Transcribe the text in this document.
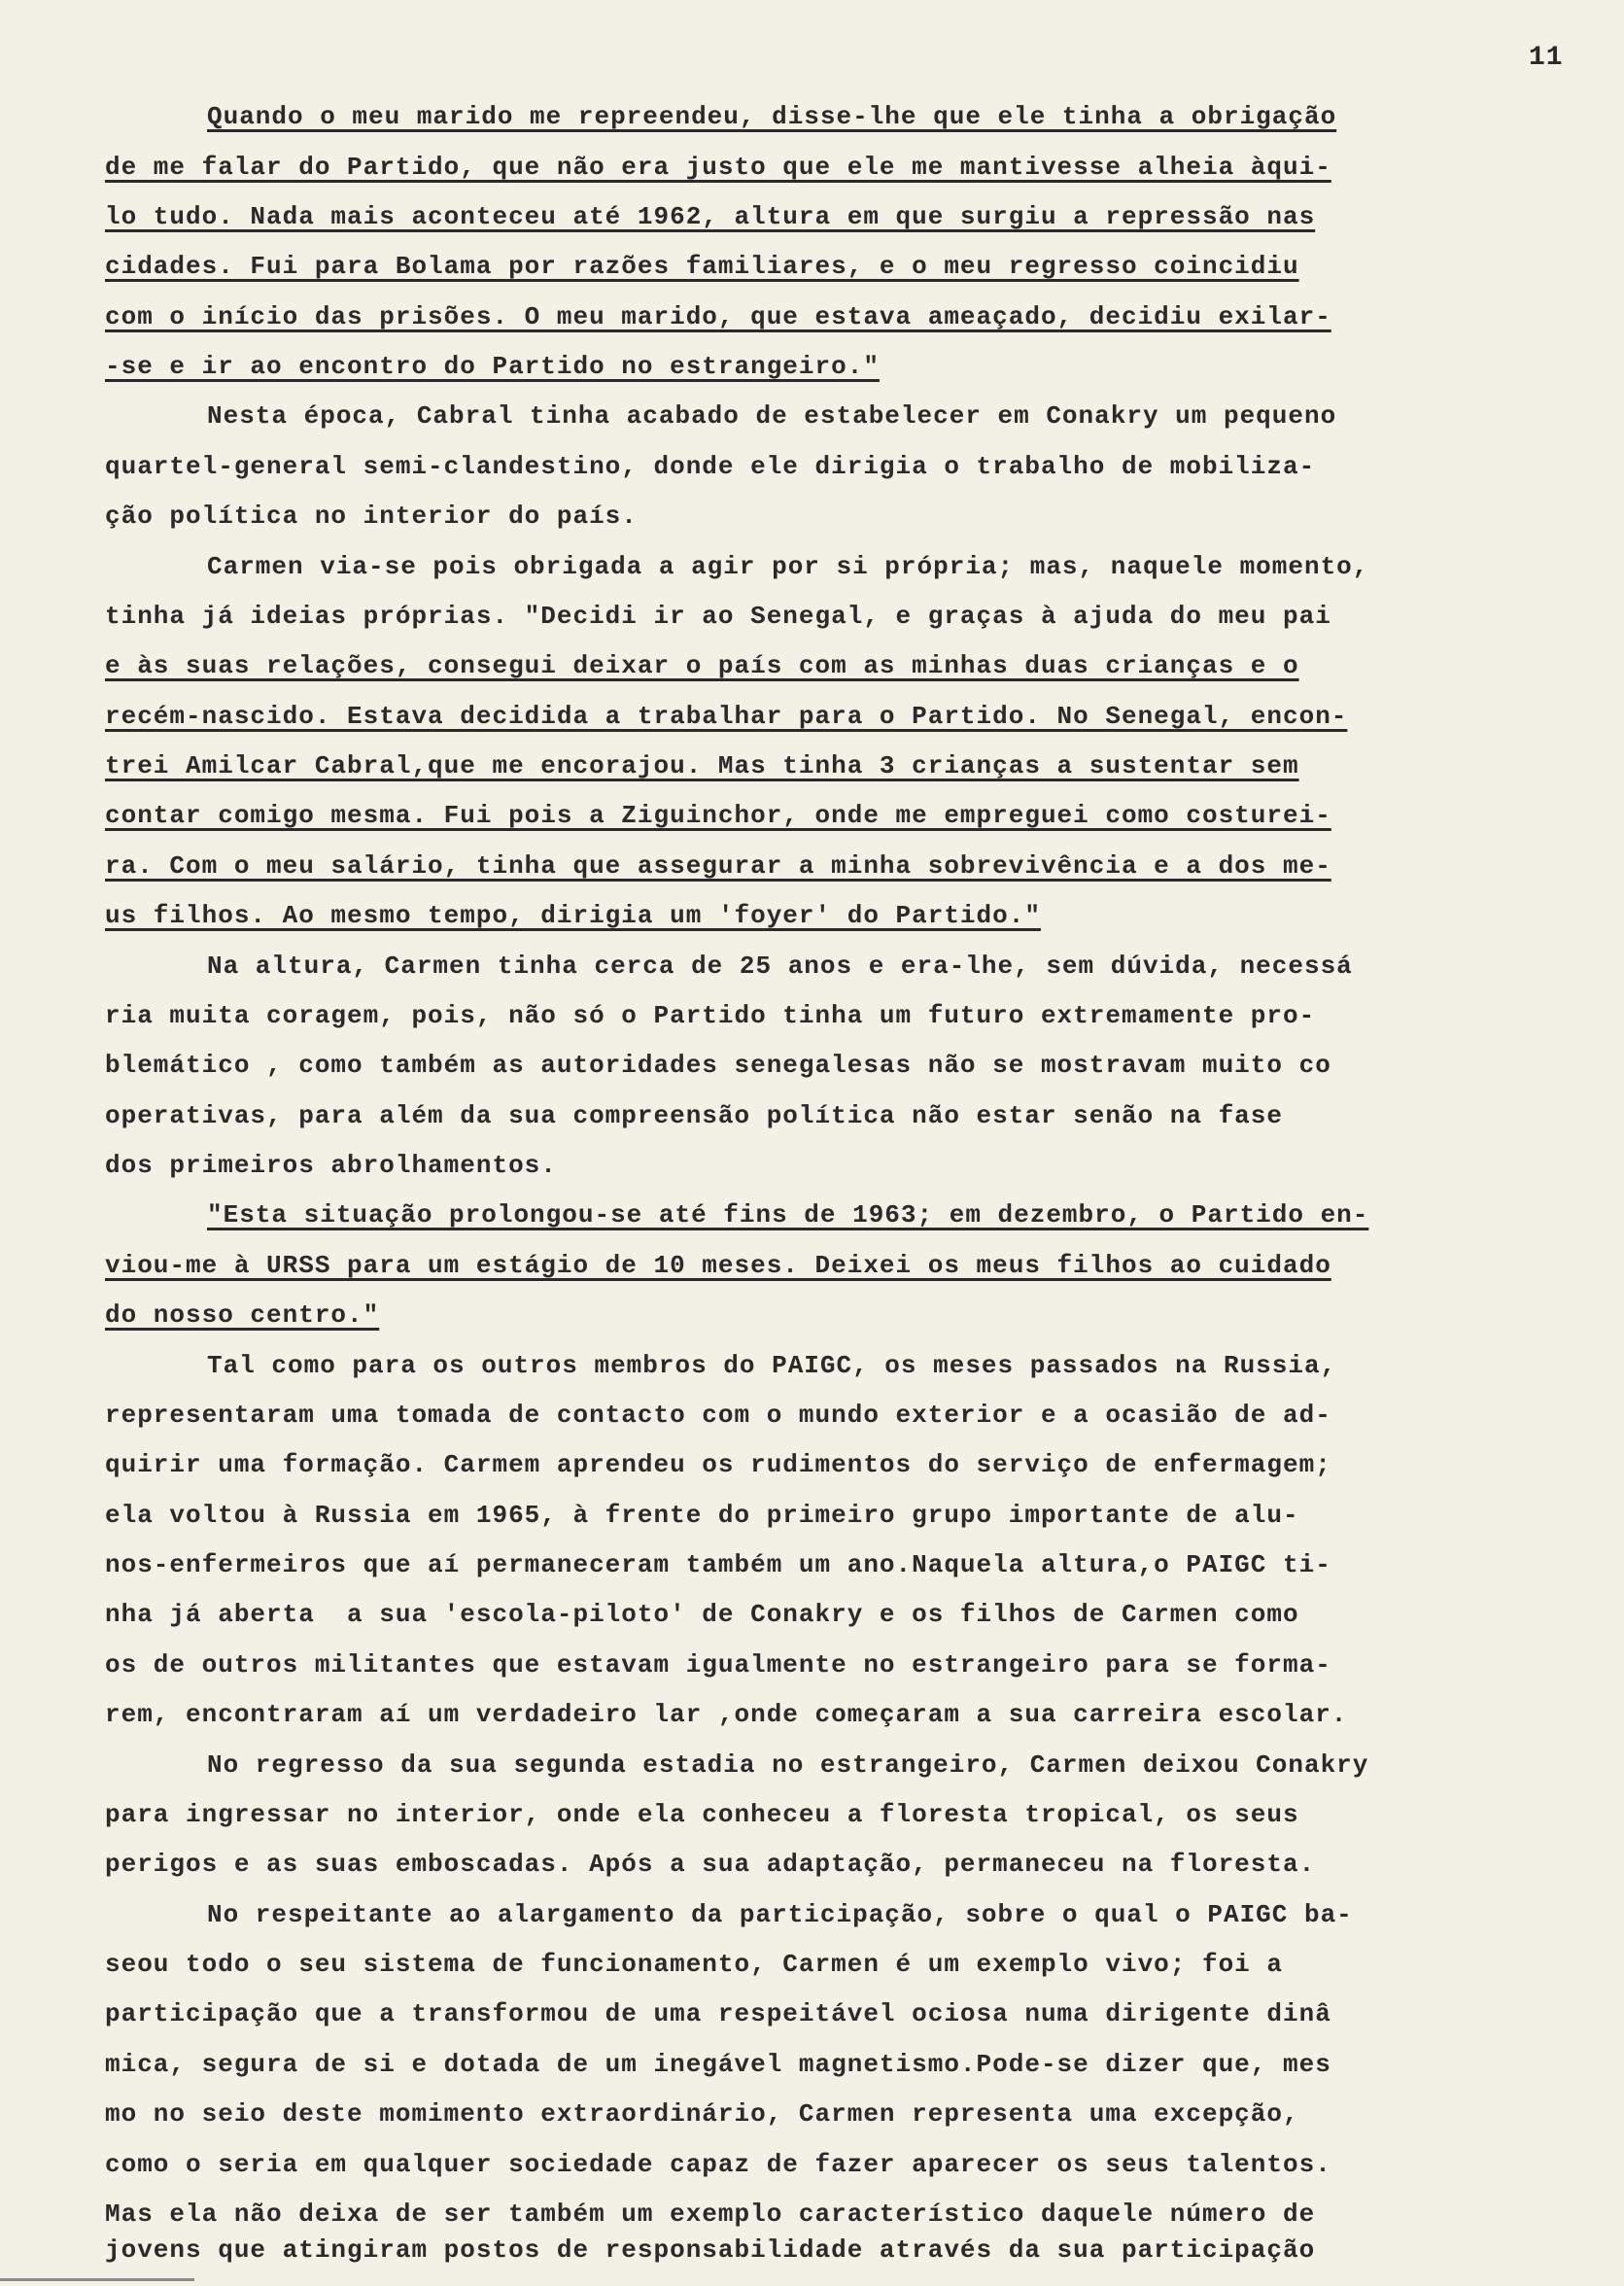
11
Quando o meu marido me repreendeu, disse-lhe que ele tinha a obrigação
de me falar do Partido, que não era justo que ele me mantivesse alheia àqui-
lo tudo. Nada mais aconteceu até 1962, altura em que surgiu a repressão nas
cidades. Fui para Bolama por razões familiares, e o meu regresso coincidiu
com o início das prisões. O meu marido, que estava ameaçado, decidiu exilar-
-se e ir ao encontro do Partido no estrangeiro."
Nesta época, Cabral tinha acabado de estabelecer em Conakry um pequeno
quartel-general semi-clandestino, donde ele dirigia o trabalho de mobiliza-
ção política no interior do país.
Carmen via-se pois obrigada a agir por si própria; mas, naquele momento,
tinha já ideias próprias. "Decidi ir ao Senegal, e graças à ajuda do meu pai
e às suas relações, consegui deixar o país com as minhas duas crianças e o
recém-nascido. Estava decidida a trabalhar para o Partido. No Senegal, encon-
trei Amilcar Cabral,que me encorajou. Mas tinha 3 crianças a sustentar sem
contar comigo mesma. Fui pois a Ziguinchor, onde me empreguei como costurei-
ra. Com o meu salário, tinha que assegurar a minha sobrevivência e a dos me-
us filhos. Ao mesmo tempo, dirigia um 'foyer' do Partido."
Na altura, Carmen tinha cerca de 25 anos e era-lhe, sem dúvida, necessá
ria muita coragem, pois, não só o Partido tinha um futuro extremamente pro-
blemático , como também as autoridades senegalesas não se mostravam muito co
operativas, para além da sua compreensão política não estar senão na fase
dos primeiros abrolhamentos.
"Esta situação prolongou-se até fins de 1963; em dezembro, o Partido en-
viou-me à URSS para um estágio de 10 meses. Deixei os meus filhos ao cuidado
do nosso centro."
Tal como para os outros membros do PAIGC, os meses passados na Russia,
representaram uma tomada de contacto com o mundo exterior e a ocasião de ad-
quirir uma formação. Carmem aprendeu os rudimentos do serviço de enfermagem;
ela voltou à Russia em 1965, à frente do primeiro grupo importante de alu-
nos-enfermeiros que aí permaneceram também um ano.Naquela altura,o PAIGC ti-
nha já aberta  a sua 'escola-piloto' de Conakry e os filhos de Carmen como
os de outros militantes que estavam igualmente no estrangeiro para se forma-
rem, encontraram aí um verdadeiro lar ,onde começaram a sua carreira escolar.
No regresso da sua segunda estadia no estrangeiro, Carmen deixou Conakry
para ingressar no interior, onde ela conheceu a floresta tropical, os seus
perigos e as suas emboscadas. Após a sua adaptação, permaneceu na floresta.
No respeitante ao alargamento da participação, sobre o qual o PAIGC ba-
seou todo o seu sistema de funcionamento, Carmen é um exemplo vivo; foi a
participação que a transformou de uma respeitável ociosa numa dirigente dinâ
mica, segura de si e dotada de um inegável magnetismo.Pode-se dizer que, mes
mo no seio deste momimento extraordinário, Carmen representa uma excepção,
como o seria em qualquer sociedade capaz de fazer aparecer os seus talentos.
Mas ela não deixa de ser também um exemplo característico daquele número de
jovens que atingiram postos de responsabilidade através da sua participação
